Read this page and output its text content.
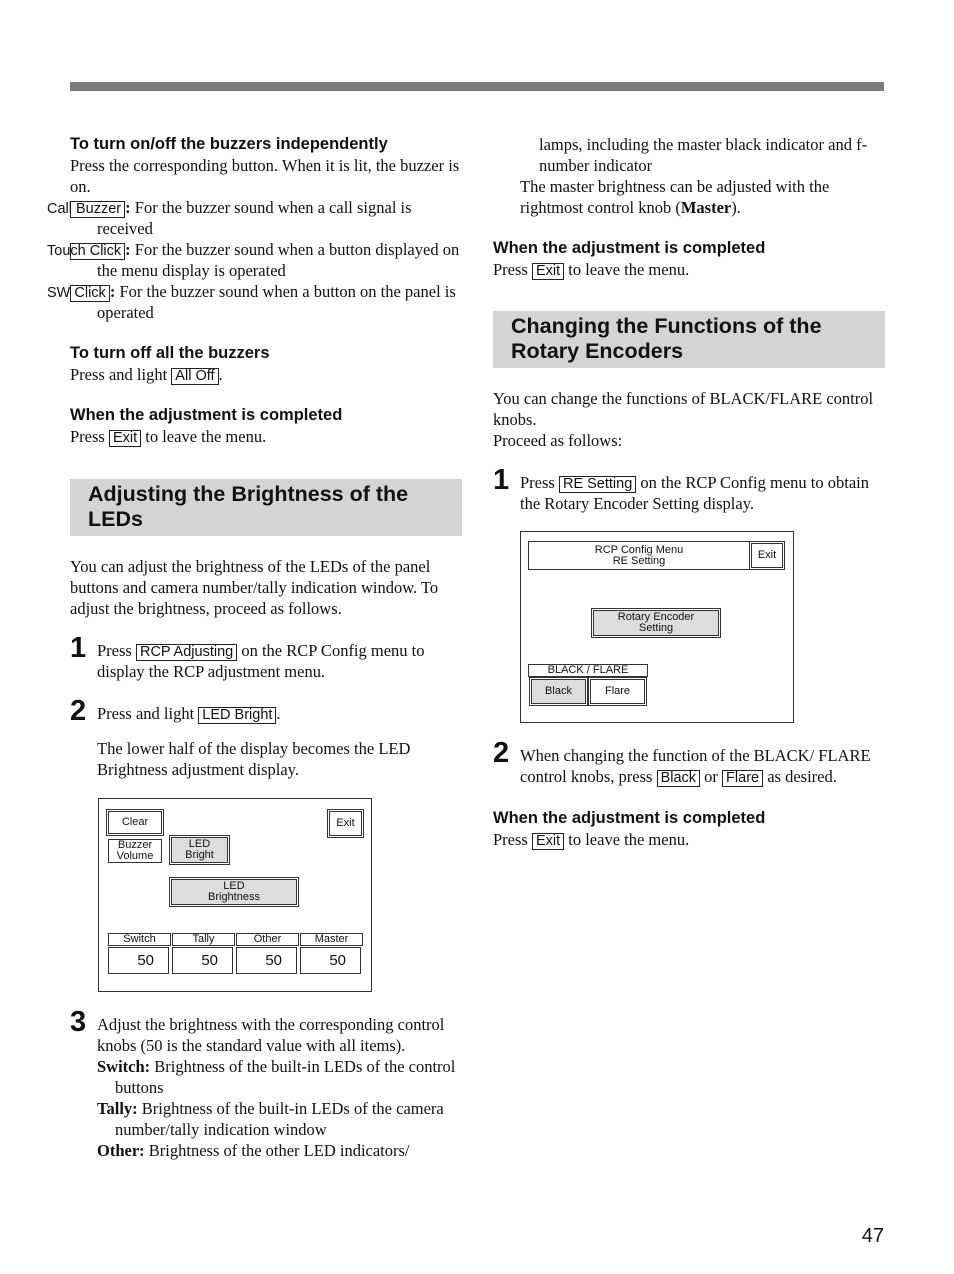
To turn on/off the buzzers independently

Press the corresponding button. When it is lit, the buzzer is on.

Call Buzzer : For the buzzer sound when a call signal is received

Touch Click : For the buzzer sound when a button displayed on the menu display is operated

SW Click : For the buzzer sound when a button on the panel is operated

To turn off all the buzzers

Press and light All Off .

When the adjustment is completed

Press Exit to leave the menu.

Adjusting the Brightness of the LEDs

You can adjust the brightness of the LEDs of the panel buttons and camera number/tally indication window. To adjust the brightness, proceed as follows.

1 Press RCP Adjusting on the RCP Config menu to display the RCP adjustment menu.
2 Press and light LED Bright .

The lower half of the display becomes the LED Brightness adjustment display.

Clear	Exit
Buzzer
Volume
LED
Bright
LED
Brightness
Switch	Tally	Other	Master
50	50	50	50
3 Adjust the brightness with the corresponding control knobs (50 is the standard value with all items).

Switch: Brightness of the built-in LEDs of the control buttons

Tally: Brightness of the built-in LEDs of the camera number/tally indication window

Other: Brightness of the other LED indicators/

lamps, including the master black indicator and f-number indicator

The master brightness can be adjusted with the rightmost control knob (Master).

When the adjustment is completed

Press Exit to leave the menu.

Changing the Functions of the Rotary Encoders

You can change the functions of BLACK/FLARE control knobs.

Proceed as follows:

1 Press RE Setting on the RCP Config menu to obtain the Rotary Encoder Setting display.
RCP Config Menu
RE Setting	Exit
Rotary Encoder
Setting
BLACK / FLARE
Black	Flare
2 When changing the function of the BLACK/ FLARE control knobs, press Black or Flare as desired.
When the adjustment is completed

Press Exit to leave the menu.

47
